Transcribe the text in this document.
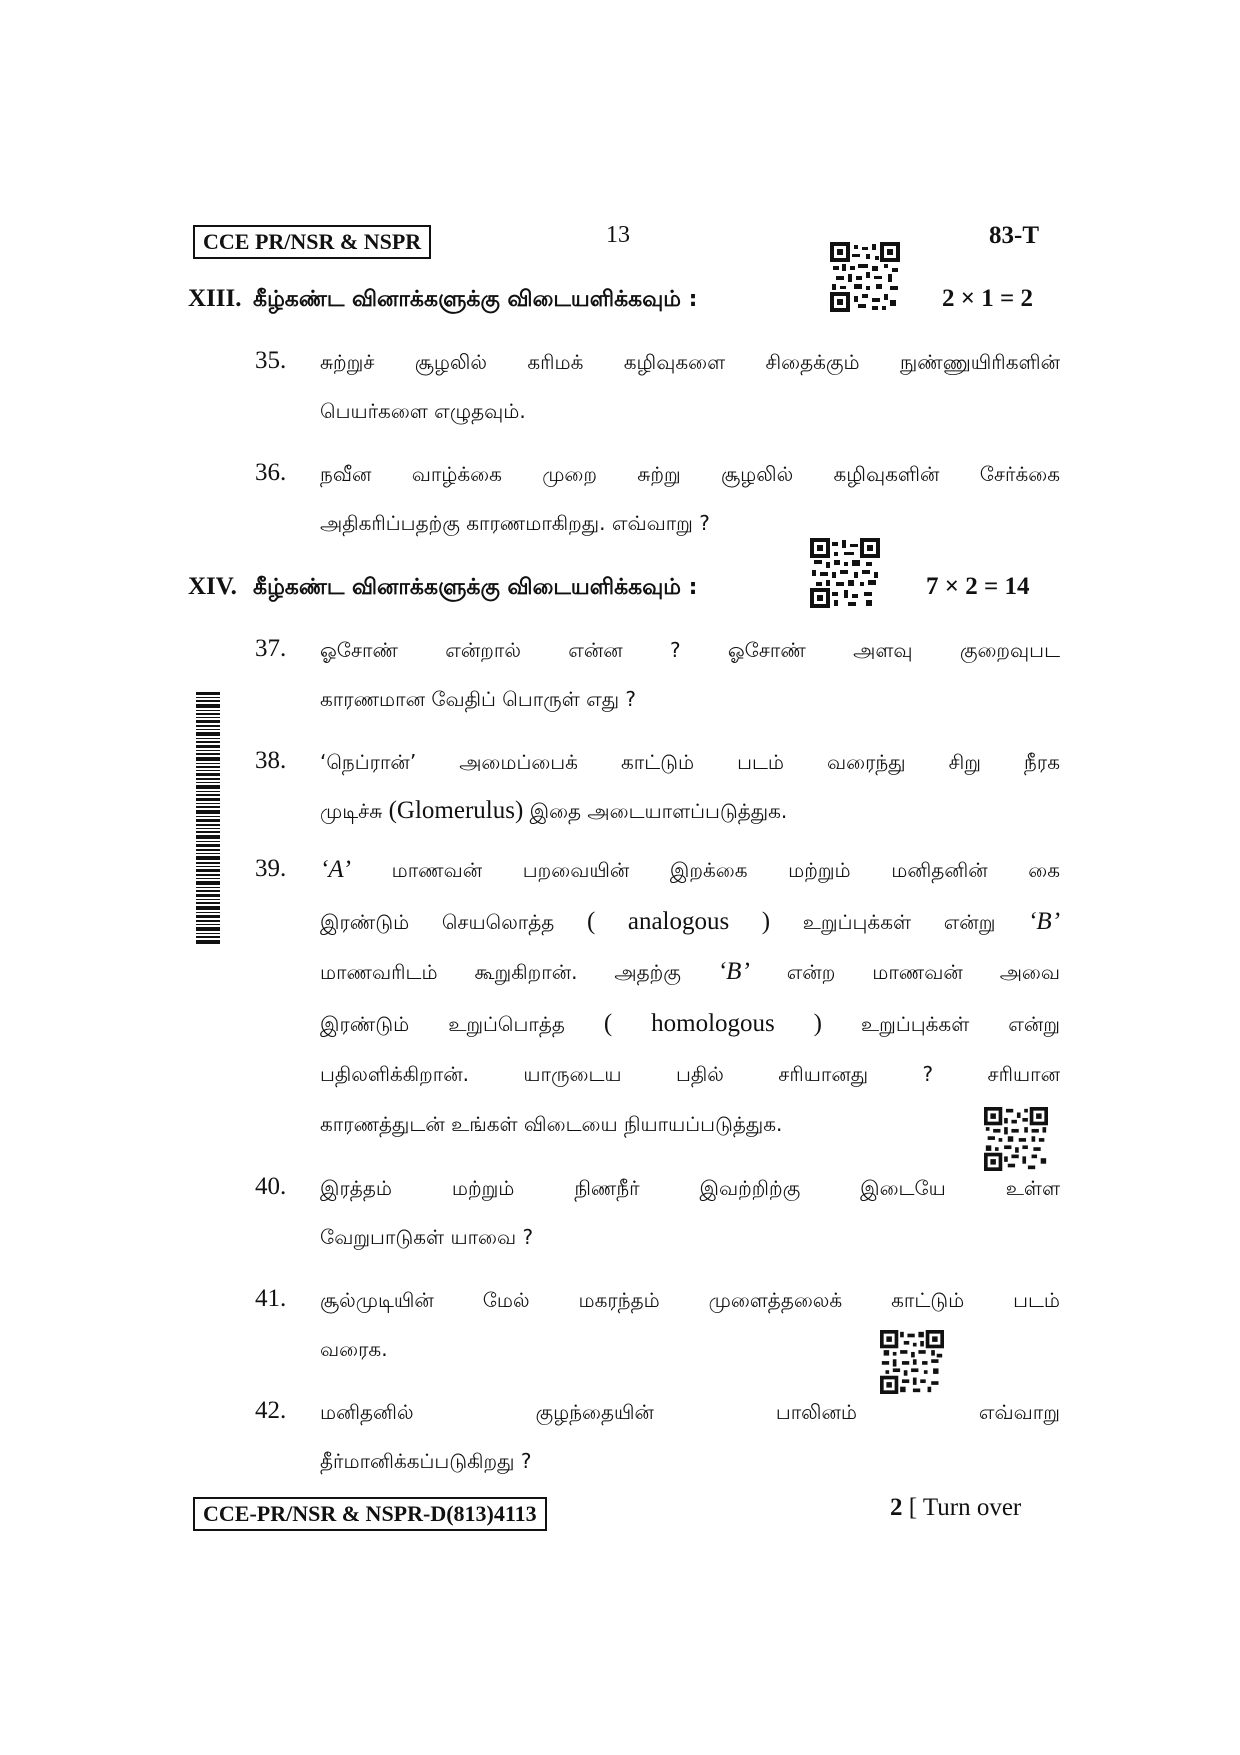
CCE PR/NSR & NSPR	13	83-T
XIII. கீழ்கண்ட வினாக்களுக்கு விடையளிக்கவும் :	2 × 1 = 2
35. சுற்றுச் சூழலில் கரிமக் கழிவுகளை சிதைக்கும் நுண்ணுயிரிகளின்
பெயர்களை எழுதவும்.
36. நவீன வாழ்க்கை முறை சுற்று சூழலில் கழிவுகளின் சேர்க்கை
அதிகரிப்பதற்கு காரணமாகிறது. எவ்வாறு ?
XIV. கீழ்கண்ட வினாக்களுக்கு விடையளிக்கவும் :	7 × 2 = 14
37. ஓசோண் என்றால் என்ன ? ஓசோண் அளவு குறைவுபட
காரணமான வேதிப் பொருள் எது ?
38. ‘நெப்ரான்’ அமைப்பைக் காட்டும் படம் வரைந்து சிறு நீரக
முடிச்சு (Glomerulus) இதை அடையாளப்படுத்துக.
39. ‘A’ மாணவன் பறவையின் இறக்கை மற்றும் மனிதனின் கை
இரண்டும் செயலொத்த ( analogous ) உறுப்புக்கள் என்று ‘B’
மாணவரிடம் கூறுகிறான். அதற்கு ‘B’ என்ற மாணவன் அவை
இரண்டும் உறுப்பொத்த ( homologous ) உறுப்புக்கள் என்று
பதிலளிக்கிறான். யாருடைய பதில் சரியானது ? சரியான
காரணத்துடன் உங்கள் விடையை நியாயப்படுத்துக.
40. இரத்தம் மற்றும் நிணநீர் இவற்றிற்கு இடையே உள்ள
வேறுபாடுகள் யாவை ?
41. சூல்முடியின் மேல் மகரந்தம் முளைத்தலைக் காட்டும் படம்
வரைக.
42. மனிதனில்	குழந்தையின்	பாலினம்	எவ்வாறு
தீர்மானிக்கப்படுகிறது ?
CCE-PR/NSR & NSPR-D(813)4113	2 [ Turn over
